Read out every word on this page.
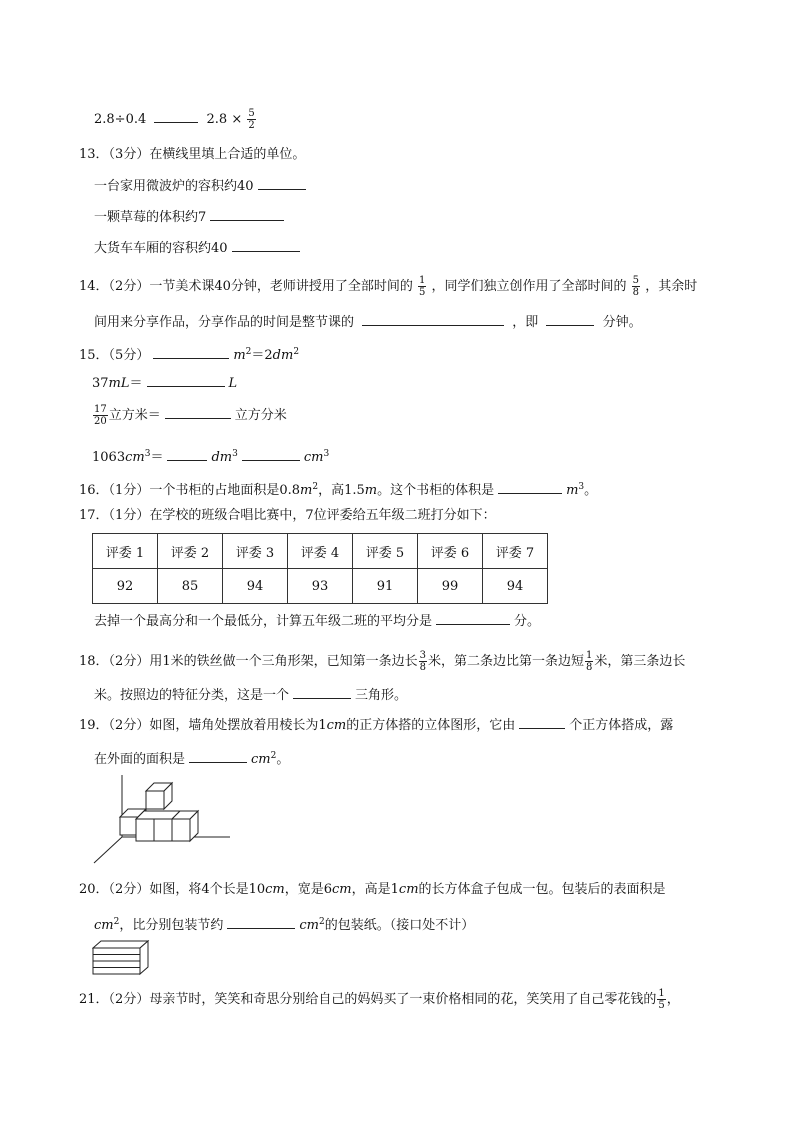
2.8÷0.4	$2.8 \times \frac{5}{2}$
13．（3分）在横线里填上合适的单位。
一台家用微波炉的容积约40
一颗草莓的体积约7
大货车车厢的容积约40
14．（2分）一节美术课40分钟，老师讲授用了全部时间的 $\frac{1}{5}$ ，同学们独立创作用了全部时间的 $\frac{5}{8}$ ，其余时
间用来分享作品，分享作品的时间是整节课的	，即	分钟。
15．（5分）	$m^2=2dm^2$
37mL＝	L
$\frac{17}{20}$ 立方米＝	立方分米
$1063cm^3=$	$dm^3$	$cm^3$
16．（1分）一个书柜的占地面积是$0.8m^2$，高1.5m。这个书柜的体积是	$m^3$。
17．（1分）在学校的班级合唱比赛中，7位评委给五年级二班打分如下：
评委 1	评委 2	评委 3	评委 4	评委 5	评委 6	评委 7
92	85	94	93	91	99	94
去掉一个最高分和一个最低分，计算五年级二班的平均分是	分。
18．（2分）用1米的铁丝做一个三角形架，已知第一条边长 $\frac{3}{8}$ 米，第二条边比第一条边短 $\frac{1}{8}$ 米，第三条边长
米。按照边的特征分类，这是一个	三角形。
19．（2分）如图，墙角处摆放着用棱长为1cm的正方体搭的立体图形，它由	个正方体搭成，露
在外面的面积是	$cm^2$。
20．（2分）如图，将4个长是10cm，宽是6cm，高是1cm的长方体盒子包成一包。包装后的表面积是
$cm^2$，比分别包装节约	$cm^2$的包装纸。（接口处不计）
21．（2分）母亲节时，笑笑和奇思分别给自己的妈妈买了一束价格相同的花，笑笑用了自己零花钱的 $\frac{1}{5}$ ，
